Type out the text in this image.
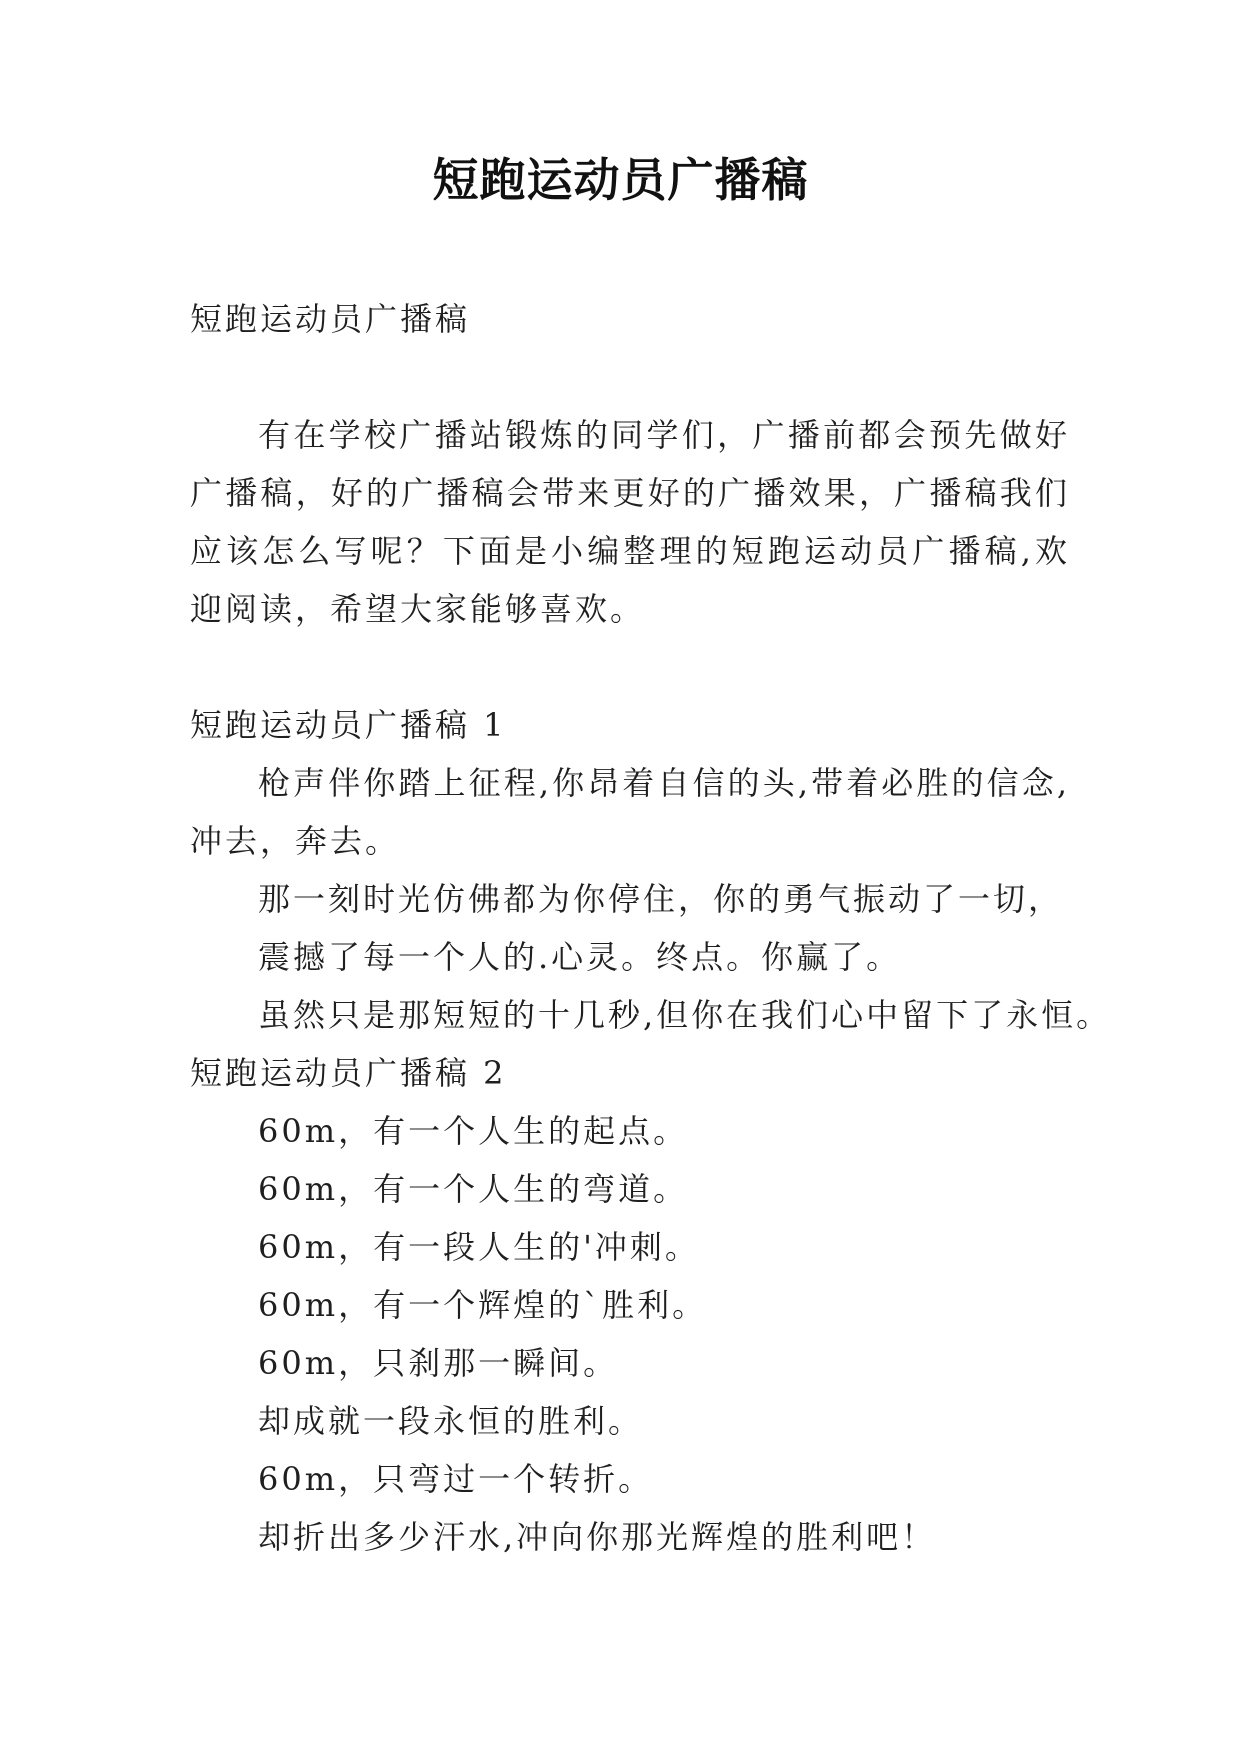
短跑运动员广播稿
短跑运动员广播稿
有在学校广播站锻炼的同学们，广播前都会预先做好广播稿，好的广播稿会带来更好的广播效果，广播稿我们应该怎么写呢？下面是小编整理的短跑运动员广播稿,欢迎阅读，希望大家能够喜欢。
短跑运动员广播稿 1
枪声伴你踏上征程,你昂着自信的头,带着必胜的信念,冲去，奔去。
那一刻时光仿佛都为你停住，你的勇气振动了一切，
震撼了每一个人的.心灵。终点。你赢了。
虽然只是那短短的十几秒,但你在我们心中留下了永恒。
短跑运动员广播稿 2
60m，有一个人生的起点。
60m，有一个人生的弯道。
60m，有一段人生的'冲刺。
60m，有一个辉煌的`胜利。
60m，只刹那一瞬间。
却成就一段永恒的胜利。
60m，只弯过一个转折。
却折出多少汗水,冲向你那光辉煌的胜利吧！
